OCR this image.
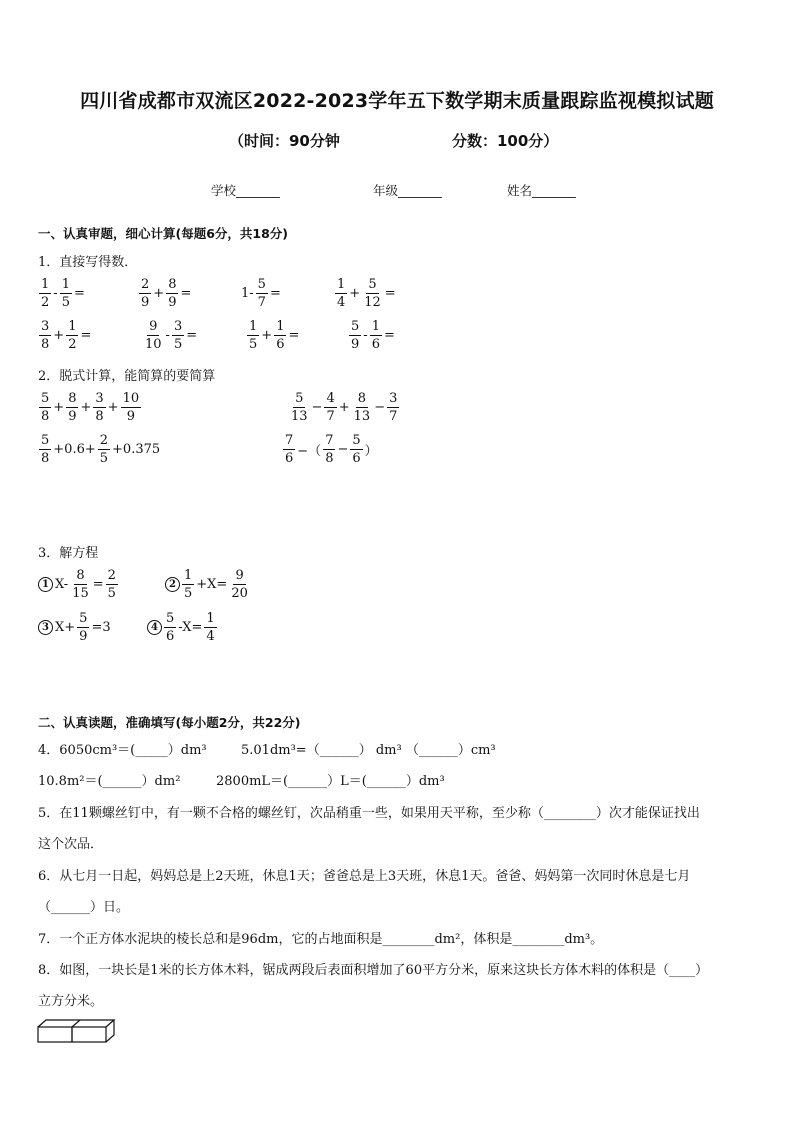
四川省成都市双流区2022-2023学年五下数学期末质量跟踪监视模拟试题
（时间：90分钟	分数：100分）
学校_______	年级_______	姓名_______
一、认真审题，细心计算(每题6分，共18分)
1．直接写得数．
$\frac{1}{2} - \frac{1}{5}$ =	$\frac{2}{9} + \frac{8}{9}$ =	$1- \frac{5}{7}$ =	$\frac{1}{4} + \frac{5}{12}$ =
$\frac{3}{8} + \frac{1}{2}$ =	$\frac{9}{10} - \frac{3}{5}$ =	$\frac{1}{5} + \frac{1}{6}$ =	$\frac{5}{9} - \frac{1}{6}$ =
2．脱式计算，能简算的要简算
$\frac{5}{8} + \frac{8}{9} + \frac{3}{8} + \frac{10}{9}$	$\frac{5}{13} - \frac{4}{7} + \frac{8}{13} - \frac{3}{7}$
$\frac{5}{8} +0.6+ \frac{2}{5} +0.375$	$\frac{7}{6}$ −（ $\frac{7}{8} - \frac{5}{6}$ ）
3．解方程
1 $X- \frac{8}{15} = \frac{2}{5}$	$2 \frac{1}{5} +X= \frac{9}{20}$
3 $X+ \frac{5}{9} =3$	$4 \frac{5}{6} -X= \frac{1}{4}$
二、认真读题，准确填写(每小题2分，共22分)
4．6050cm³＝(_____）dm³	5.01dm³=（______） dm³ （______）cm³
10.8m²＝(______）dm²	2800mL＝(______）L＝(______）dm³
5．在11颗螺丝钉中，有一颗不合格的螺丝钉，次品稍重一些，如果用天平称，至少称（________）次才能保证找出
这个次品．
6．从七月一日起，妈妈总是上2天班，休息1天；爸爸总是上3天班，休息1天。爸爸、妈妈第一次同时休息是七月
（______）日。
7．一个正方体水泥块的棱长总和是96dm，它的占地面积是________dm²，体积是________dm³。
8．如图，一块长是1米的长方体木料，锯成两段后表面积增加了60平方分米，原来这块长方体木料的体积是（____）
立方分米。
